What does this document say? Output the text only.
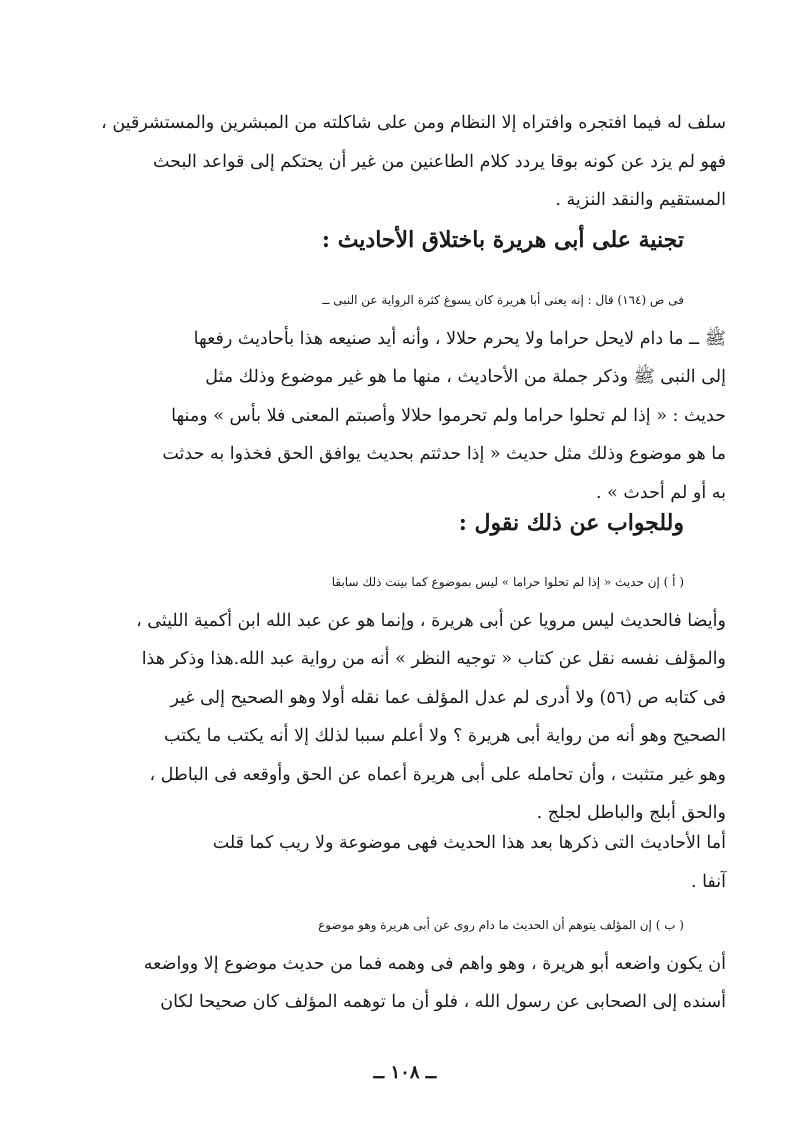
سلف له فيما افتجره وافتراه إلا النظام ومن على شاكلته من المبشرين والمستشرقين ،
فهو لم يزد عن كونه بوقا يردد كلام الطاعنين من غير أن يحتكم إلى قواعد البحث
المستقيم والنقد النزية .

تجنية على أبى هريرة باختلاق الأحاديث :

فى ص (١٦٤) قال : إنه يعنى أبا هريرة كان يسوغ كثرة الرواية عن النبى ــ
ﷺ ــ ما دام لايحل حراما ولا يحرم حلالا ، وأنه أيد صنيعه هذا بأحاديث رفعها
إلى النبى ﷺ وذكر جملة من الأحاديث ، منها ما هو غير موضوع وذلك مثل
حديث : « إذا لم تحلوا حراما ولم تحرموا حلالا وأصبتم المعنى فلا بأس » ومنها
ما هو موضوع وذلك مثل حديث « إذا حدثتم بحديث يوافق الحق فخذوا به حدثت
به أو لم أحدث » .

وللجواب عن ذلك نقول :

( أ ) إن حديث « إذا لم تحلوا حراما » ليس بموضوع كما بينت ذلك سابقا
وأيضا فالحديث ليس مرويا عن أبى هريرة ، وإنما هو عن عبد الله ابن أكمية الليثى ،
والمؤلف نفسه نقل عن كتاب « توجيه النظر » أنه من رواية عبد الله.هذا وذكر هذا
فى كتابه ص (٥٦) ولا أدرى لم عدل المؤلف عما نقله أولا وهو الصحيح إلى غير
الصحيح وهو أنه من رواية أبى هريرة ؟ ولا أعلم سببا لذلك إلا أنه يكتب ما يكتب
وهو غير متثبت ، وأن تحامله على أبى هريرة أعماه عن الحق وأوقعه فى الباطل ،
والحق أبلج والباطل لجلج .

أما الأحاديث التى ذكرها بعد هذا الحديث فهى موضوعة ولا ريب كما قلت
آنفا .

( ب ) إن المؤلف يتوهم أن الحديث ما دام روى عن أبى هريرة وهو موضوع
أن يكون واضعه أبو هريرة ، وهو واهم فى وهمه فما من حديث موضوع إلا وواضعه
أسنده إلى الصحابى عن رسول الله ، فلو أن ما توهمه المؤلف كان صحيحا لكان

ــ ١٠٨ ــ
